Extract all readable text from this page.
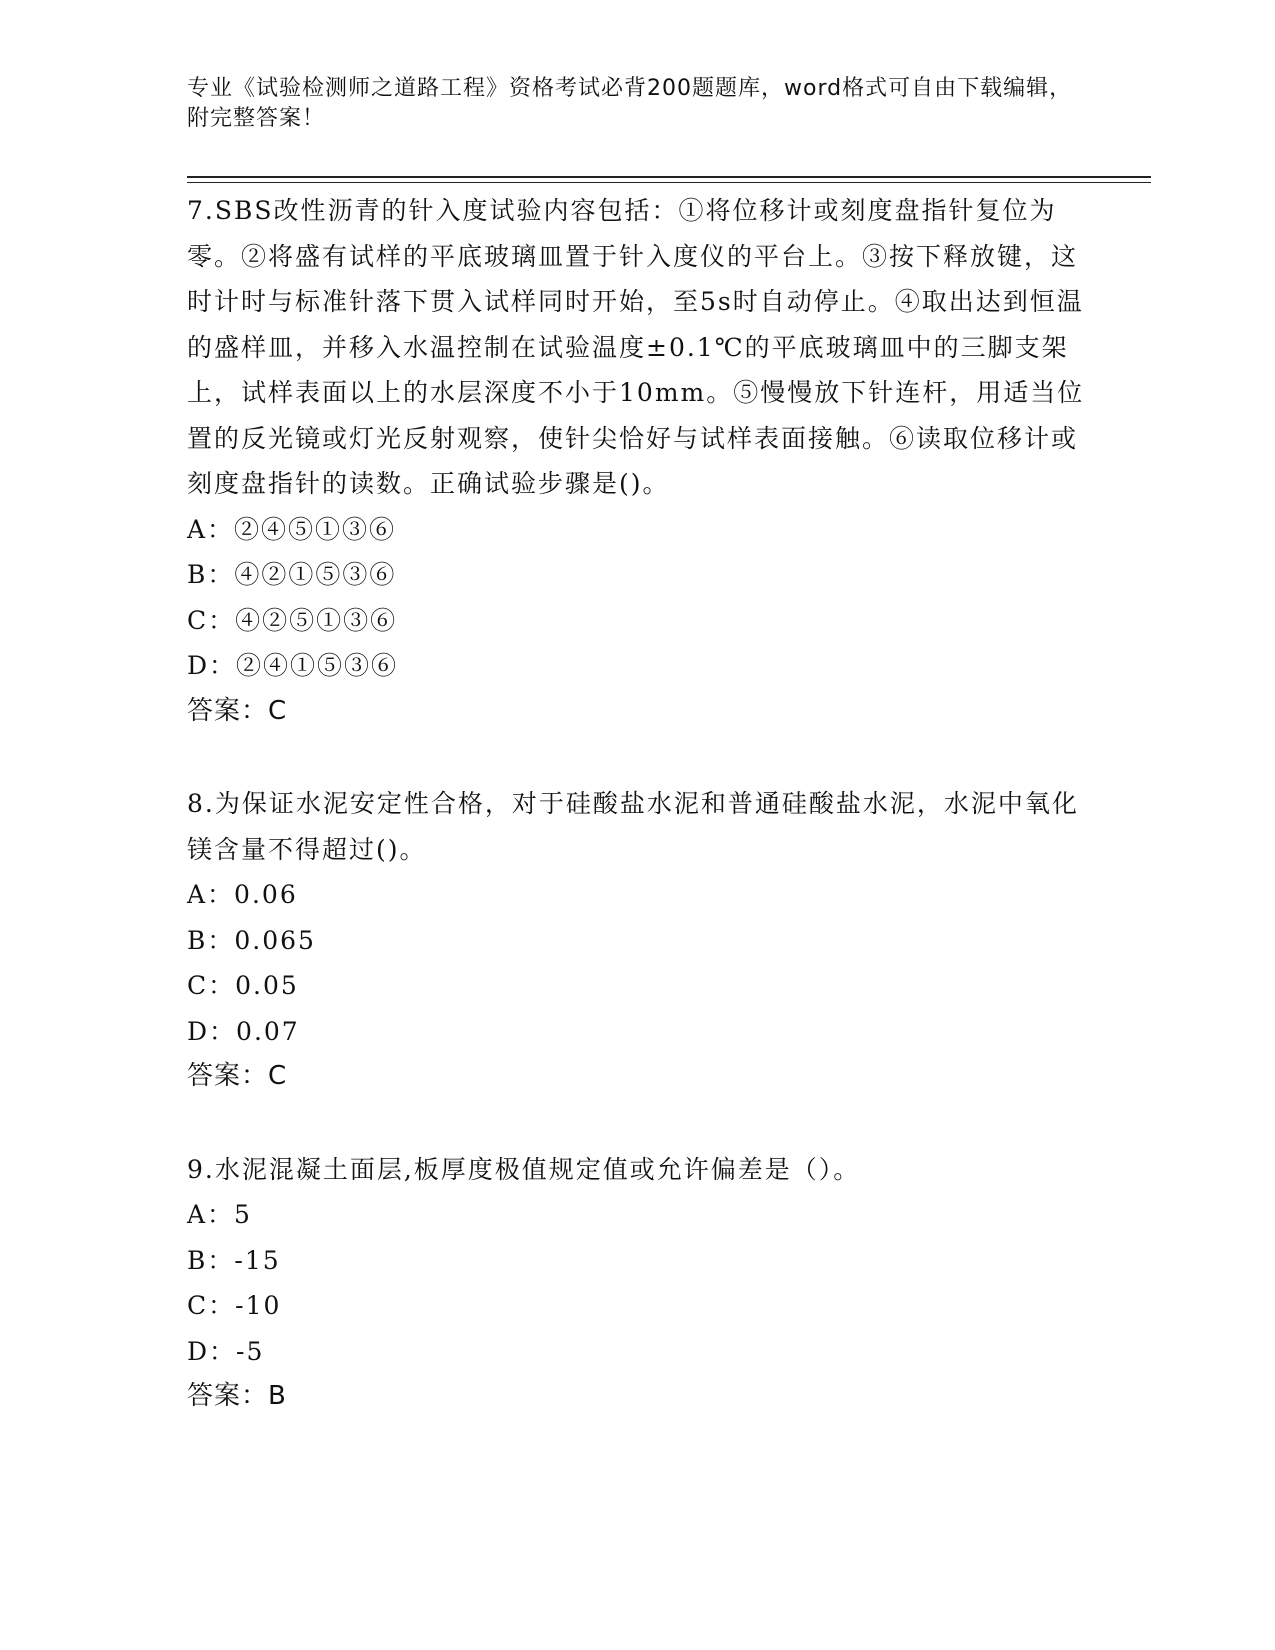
专业《试验检测师之道路工程》资格考试必背200题题库，word格式可自由下载编辑，附完整答案！
7.SBS改性沥青的针入度试验内容包括：①将位移计或刻度盘指针复位为零。②将盛有试样的平底玻璃皿置于针入度仪的平台上。③按下释放键，这时计时与标准针落下贯入试样同时开始，至5s时自动停止。④取出达到恒温的盛样皿，并移入水温控制在试验温度±0.1℃的平底玻璃皿中的三脚支架上，试样表面以上的水层深度不小于10mm。⑤慢慢放下针连杆，用适当位置的反光镜或灯光反射观察，使针尖恰好与试样表面接触。⑥读取位移计或刻度盘指针的读数。正确试验步骤是()。
A：②④⑤①③⑥
B：④②①⑤③⑥
C：④②⑤①③⑥
D：②④①⑤③⑥
答案：C
8.为保证水泥安定性合格，对于硅酸盐水泥和普通硅酸盐水泥，水泥中氧化镁含量不得超过()。
A：0.06
B：0.065
C：0.05
D：0.07
答案：C
9.水泥混凝土面层,板厚度极值规定值或允许偏差是（）。
A：5
B：-15
C：-10
D：-5
答案：B
